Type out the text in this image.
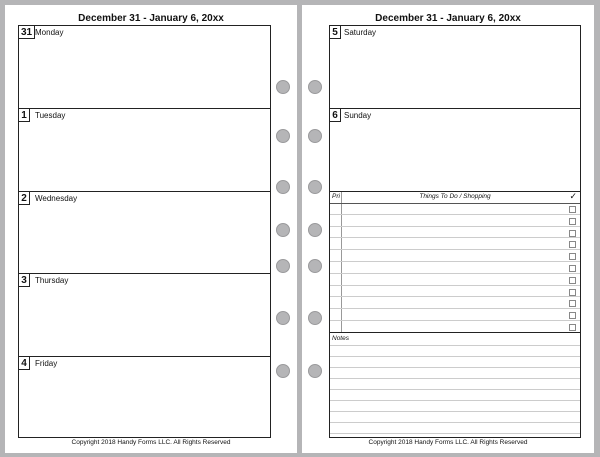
December 31 - January 6, 20xx
31 Monday
1	Tuesday
2	Wednesday
3	Thursday
4	Friday
Copyright 2018 Handy Forms LLC. All Rights Reserved
December 31 - January 6, 20xx
5 Saturday
6 Sunday
Pri	Things To Do / Shopping	✓
Notes
Copyright 2018 Handy Forms LLC. All Rights Reserved
